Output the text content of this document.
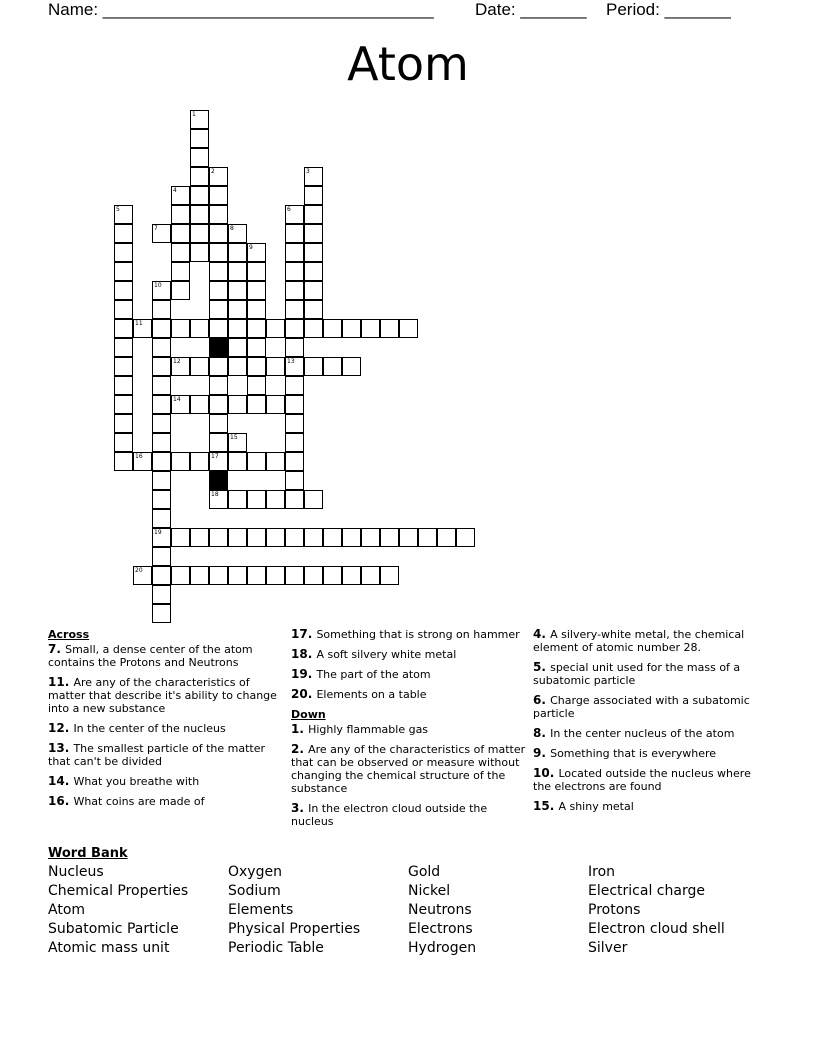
Name: ___________________________________ Date: _______ Period: _______
Atom
1
2
17
3
4
5	6
13
7	8
9
10
19
11
12
14
15
16
18
20
Across
7. Small, a dense center of the atom contains the Protons and Neutrons
11. Are any of the characteristics of matter that describe it's ability to change into a new substance
12. In the center of the nucleus
13. The smallest particle of the matter that can't be divided
14. What you breathe with
16. What coins are made of
17. Something that is strong on hammer
18. A soft silvery white metal
19. The part of the atom
20. Elements on a table
Down
1. Highly flammable gas
2. Are any of the characteristics of matter that can be observed or measure without changing the chemical structure of the substance
3. In the electron cloud outside the nucleus
4. A silvery-white metal, the chemical element of atomic number 28.
5. special unit used for the mass of a subatomic particle
6. Charge associated with a subatomic particle
8. In the center nucleus of the atom
9. Something that is everywhere
10. Located outside the nucleus where the electrons are found
15. A shiny metal
Word Bank
Nucleus
Chemical Properties
Atom
Subatomic Particle
Atomic mass unit
Oxygen
Sodium
Elements
Physical Properties
Periodic Table
Gold
Nickel
Neutrons
Electrons
Hydrogen
Iron
Electrical charge
Protons
Electron cloud shell
Silver
